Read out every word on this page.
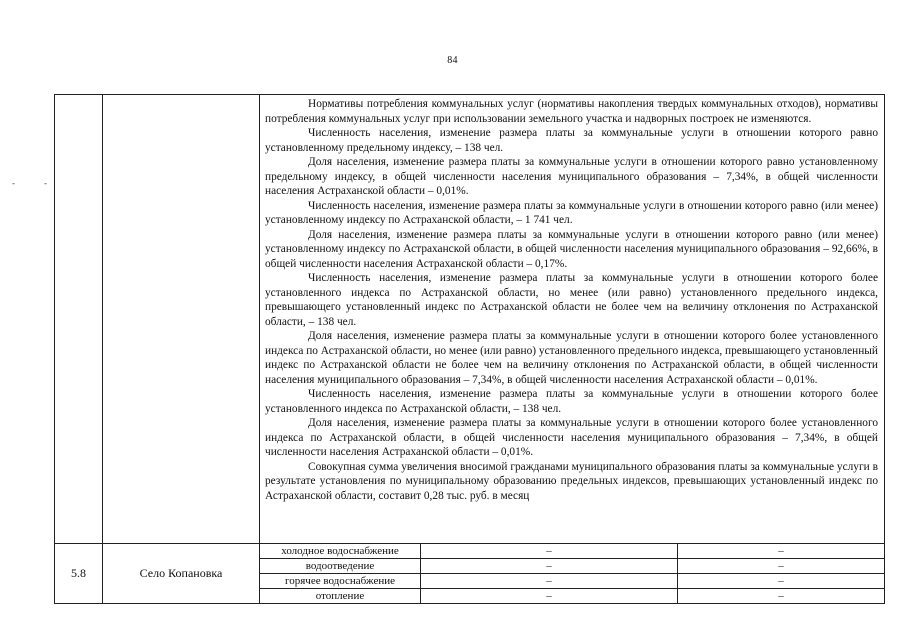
84
-	-

Нормативы потребления коммунальных услуг (нормативы накопления твердых коммунальных отходов), нормативы потребления коммунальных услуг при использовании земельного участка и надворных построек не изменяются.

Численность населения, изменение размера платы за коммунальные услуги в отношении которого равно установленному предельному индексу, – 138 чел.

Доля населения, изменение размера платы за коммунальные услуги в отношении которого равно установленному предельному индексу, в общей численности населения муниципального образования – 7,34%, в общей численности населения Астраханской области – 0,01%.

Численность населения, изменение размера платы за коммунальные услуги в отношении которого равно (или менее) установленному индексу по Астраханской области, – 1 741 чел.

Доля населения, изменение размера платы за коммунальные услуги в отношении которого равно (или менее) установленному индексу по Астраханской области, в общей численности населения муниципального образования – 92,66%, в общей численности населения Астраханской области – 0,17%.

Численность населения, изменение размера платы за коммунальные услуги в отношении которого более установленного индекса по Астраханской области, но менее (или равно) установленного предельного индекса, превышающего установленный индекс по Астраханской области не более чем на величину отклонения по Астраханской области, – 138 чел.

Доля населения, изменение размера платы за коммунальные услуги в отношении которого более установленного индекса по Астраханской области, но менее (или равно) установленного предельного индекса, превышающего установленный индекс по Астраханской области не более чем на величину отклонения по Астраханской области, в общей численности населения муниципального образования – 7,34%, в общей численности населения Астраханской области – 0,01%.

Численность населения, изменение размера платы за коммунальные услуги в отношении которого более установленного индекса по Астраханской области, – 138 чел.

Доля населения, изменение размера платы за коммунальные услуги в отношении которого более установленного индекса по Астраханской области, в общей численности населения муниципального образования – 7,34%, в общей численности населения Астраханской области – 0,01%.

Совокупная сумма увеличения вносимой гражданами муниципального образования платы за коммунальные услуги в результате установления по муниципальному образованию предельных индексов, превышающих установленный индекс по Астраханской области, составит 0,28 тыс. руб. в месяц

5.8	Село Копановка	
холодное водоснабжение	–	–
водоотведение	–	–
горячее водоснабжение	–	–
отопление	–	–
